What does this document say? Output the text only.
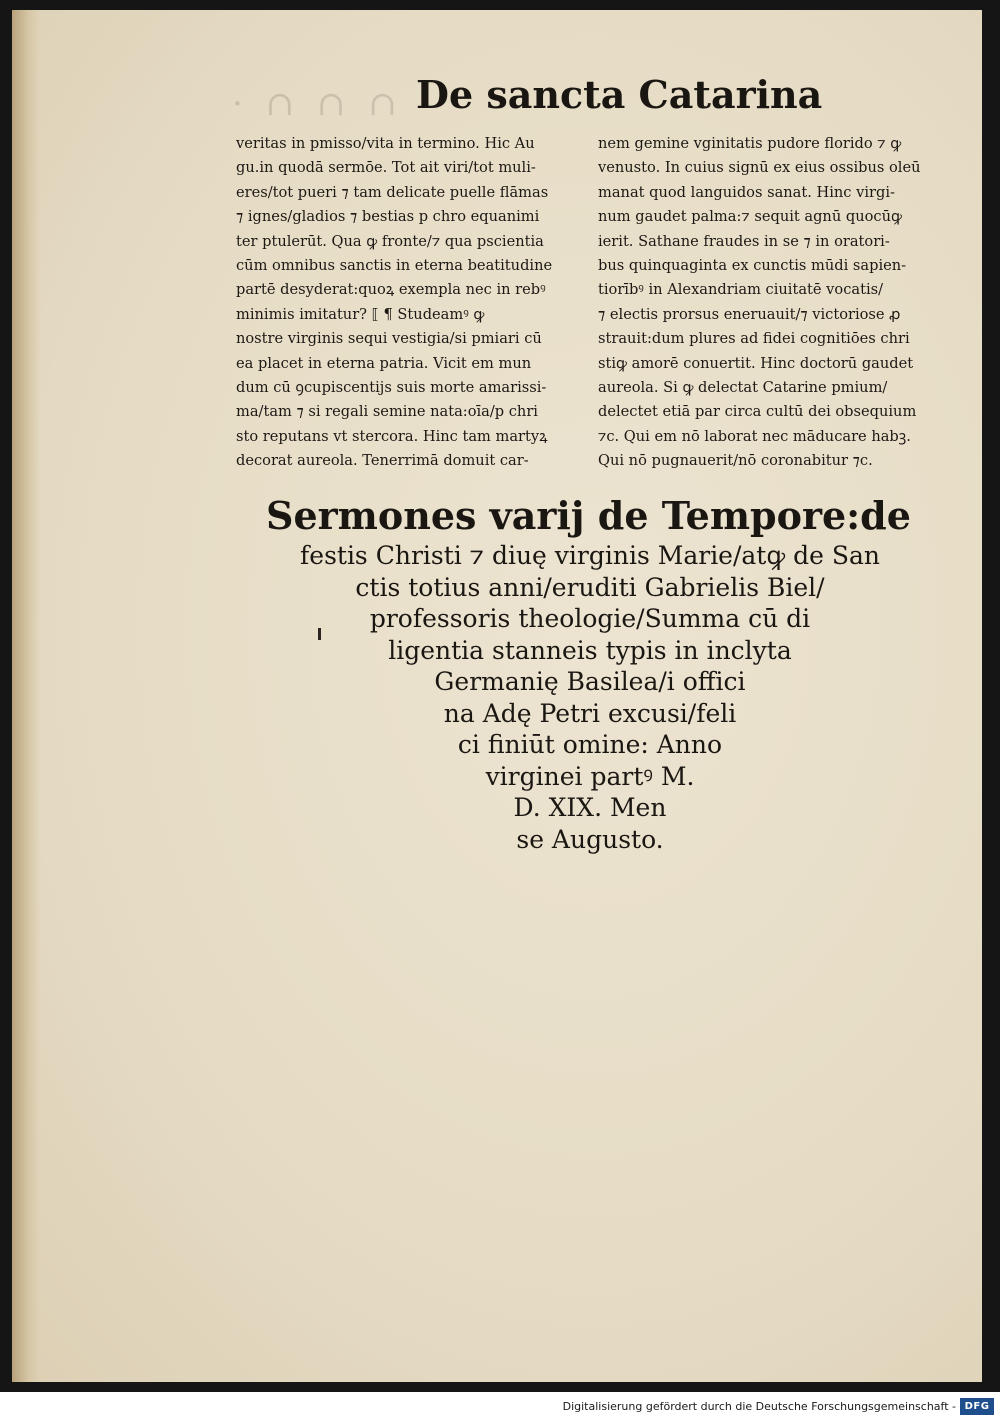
· ∩ ∩ ∩ De sancta Catarina
veritas in pmisso/vita in termino. Hic Au
gu.in quodā sermōe. Tot ait viri/tot muli-
eres/tot pueri ⁊ tam delicate puelle flāmas
⁊ ignes/gladios ⁊ bestias p chro equanimi
ter ptulerūt. Qua ꝙ fronte/⁊ qua pscientia
cūm omnibus sanctis in eterna beatitudine
partē desyderat:quoꝝ exempla nec in rebꝰ
minimis imitatur? ⟦ ¶ Studeamꝰ ꝙ
nostre virginis sequi vestigia/si pmiari cū
ea placet in eterna patria. Vicit em mun
dum cū ꝯcupiscentijs suis morte amarissi-
ma/tam ⁊ si regali semine nata:oīa/p chri
sto reputans vt stercora. Hinc tam martyꝝ
decorat aureola. Tenerrimā domuit car-
nem gemine vginitatis pudore florido ⁊ ꝙ
venusto. In cuius signū ex eius ossibus oleū
manat quod languidos sanat. Hinc virgi-
num gaudet palma:⁊ sequit agnū quocūꝙ
ierit. Sathane fraudes in se ⁊ in oratori-
bus quinquaginta ex cunctis mūdi sapien-
tiorībꝰ in Alexandriam ciuitatē vocatis/
⁊ electis prorsus eneruauit/⁊ victoriose ꝓ
strauit:dum plures ad fidei cognitiōes chri
stiꝙ amorē conuertit. Hinc doctorū gaudet
aureola. Si ꝙ delectat Catarine pmium/
delectet etiā par circa cultū dei obsequium
⁊c. Qui em nō laborat nec māducare habꝫ.
Qui nō pugnauerit/nō coronabitur ⁊c.
Sermones varij de Tempore:de
festis Christi ⁊ diuę virginis Marie/atꝙ de San
ctis totius anni/eruditi Gabrielis Biel/
professoris theologie/Summa cū di
ligentia stanneis typis in inclyta
Germanię Basilea/i offici
na Adę Petri excusi/feli
ci finiūt omine: Anno
virginei partꝰ M.
D. XIX. Men
se Augusto.
Digitalisierung gefördert durch die Deutsche Forschungsgemeinschaft - DFG
